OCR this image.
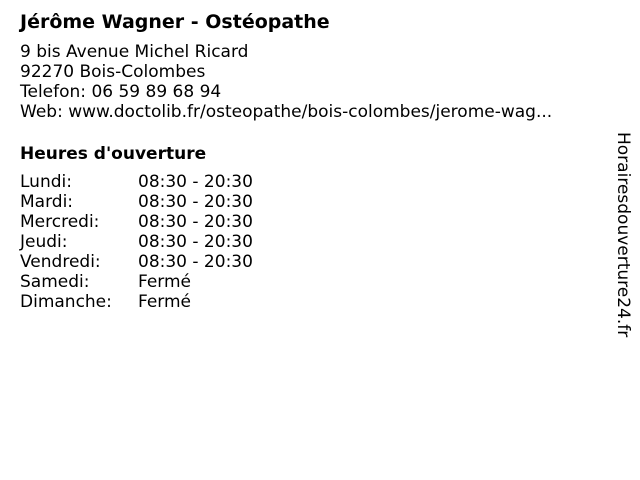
Jérôme Wagner - Ostéopathe
9 bis Avenue Michel Ricard
92270 Bois-Colombes
Telefon: 06 59 89 68 94
Web: www.doctolib.fr/osteopathe/bois-colombes/jerome-wag...
Heures d'ouverture
Lundi:	08:30 - 20:30
Mardi:	08:30 - 20:30
Mercredi:	08:30 - 20:30
Jeudi:	08:30 - 20:30
Vendredi:	08:30 - 20:30
Samedi:	Fermé
Dimanche:	Fermé	Horairesdouverture24.fr
